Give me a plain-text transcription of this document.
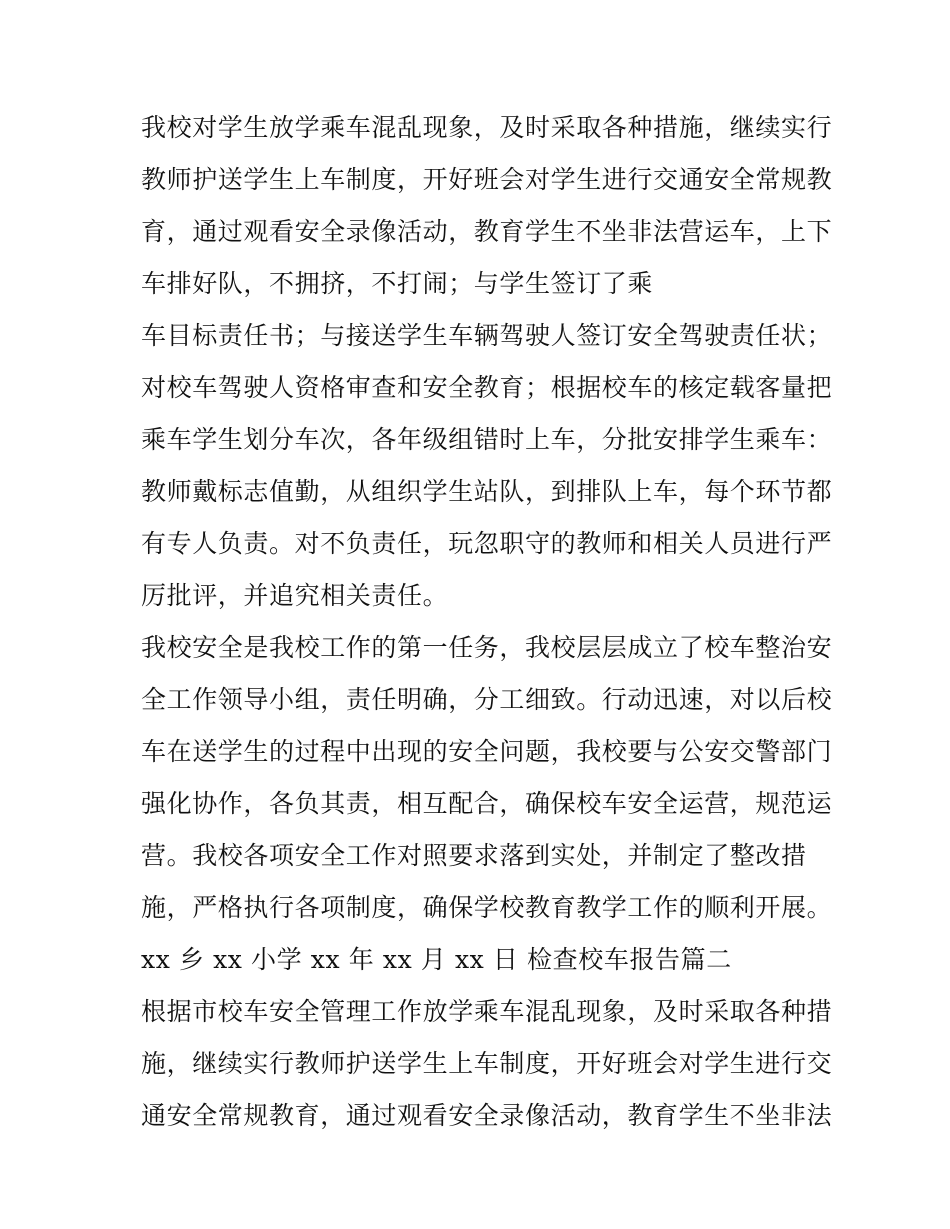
我校对学生放学乘车混乱现象，及时采取各种措施，继续实行
教师护送学生上车制度，开好班会对学生进行交通安全常规教
育，通过观看安全录像活动，教育学生不坐非法营运车，上下
车排好队，不拥挤，不打闹；与学生签订了乘
车目标责任书；与接送学生车辆驾驶人签订安全驾驶责任状；
对校车驾驶人资格审查和安全教育；根据校车的核定载客量把
乘车学生划分车次，各年级组错时上车，分批安排学生乘车：
教师戴标志值勤，从组织学生站队，到排队上车，每个环节都
有专人负责。对不负责任，玩忽职守的教师和相关人员进行严
厉批评，并追究相关责任。
我校安全是我校工作的第一任务，我校层层成立了校车整治安
全工作领导小组，责任明确，分工细致。行动迅速，对以后校
车在送学生的过程中出现的安全问题，我校要与公安交警部门
强化协作，各负其责，相互配合，确保校车安全运营，规范运
营。我校各项安全工作对照要求落到实处，并制定了整改措
施，严格执行各项制度，确保学校教育教学工作的顺利开展。
xx 乡 xx 小学 xx 年 xx 月 xx 日 检查校车报告篇二
根据市校车安全管理工作放学乘车混乱现象，及时采取各种措
施，继续实行教师护送学生上车制度，开好班会对学生进行交
通安全常规教育，通过观看安全录像活动，教育学生不坐非法
